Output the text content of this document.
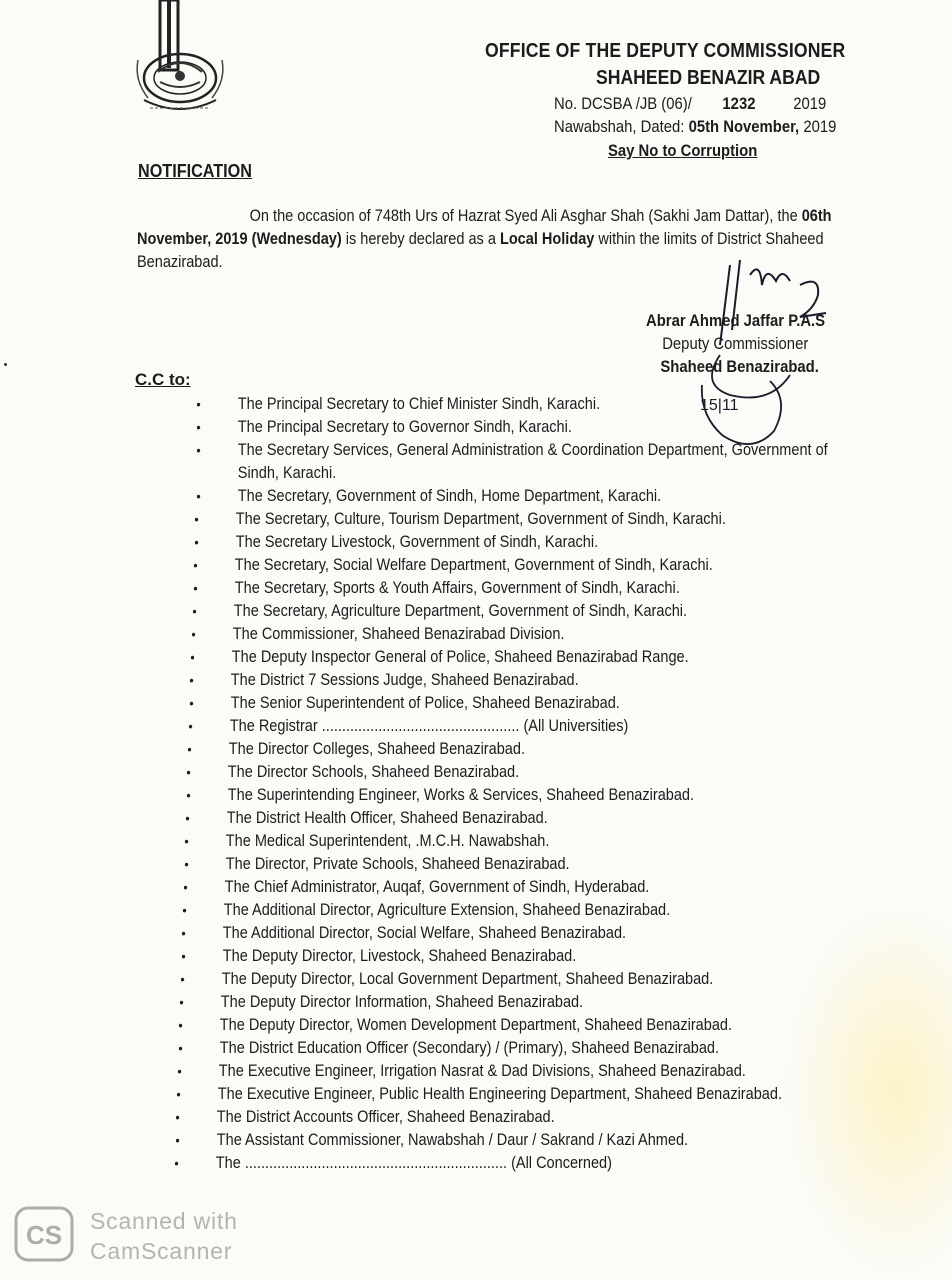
OFFICE OF THE DEPUTY COMMISSIONER
SHAHEED BENAZIR ABAD
No. DCSBA /JB (06)/ 1232 2019
Nawabshah, Dated: 05th November, 2019
Say No to Corruption
NOTIFICATION
On the occasion of 748th Urs of Hazrat Syed Ali Asghar Shah (Sakhi Jam Dattar), the 06th November, 2019 (Wednesday) is hereby declared as a Local Holiday within the limits of District Shaheed Benazirabad.
Abrar Ahmed Jaffar P.A.S
Deputy Commissioner
Shaheed Benazirabad.
15|11
C.C to:
• The Principal Secretary to Chief Minister Sindh, Karachi.
• The Principal Secretary to Governor Sindh, Karachi.
• The Secretary Services, General Administration & Coordination Department, Government of Sindh, Karachi.
• The Secretary, Government of Sindh, Home Department, Karachi.
• The Secretary, Culture, Tourism Department, Government of Sindh, Karachi.
• The Secretary Livestock, Government of Sindh, Karachi.
• The Secretary, Social Welfare Department, Government of Sindh, Karachi.
• The Secretary, Sports & Youth Affairs, Government of Sindh, Karachi.
• The Secretary, Agriculture Department, Government of Sindh, Karachi.
• The Commissioner, Shaheed Benazirabad Division.
• The Deputy Inspector General of Police, Shaheed Benazirabad Range.
• The District 7 Sessions Judge, Shaheed Benazirabad.
• The Senior Superintendent of Police, Shaheed Benazirabad.
• The Registrar ................................................. (All Universities)
• The Director Colleges, Shaheed Benazirabad.
• The Director Schools, Shaheed Benazirabad.
• The Superintending Engineer, Works & Services, Shaheed Benazirabad.
• The District Health Officer, Shaheed Benazirabad.
• The Medical Superintendent, .M.C.H. Nawabshah.
• The Director, Private Schools, Shaheed Benazirabad.
• The Chief Administrator, Auqaf, Government of Sindh, Hyderabad.
• The Additional Director, Agriculture Extension, Shaheed Benazirabad.
• The Additional Director, Social Welfare, Shaheed Benazirabad.
• The Deputy Director, Livestock, Shaheed Benazirabad.
• The Deputy Director, Local Government Department, Shaheed Benazirabad.
• The Deputy Director Information, Shaheed Benazirabad.
• The Deputy Director, Women Development Department, Shaheed Benazirabad.
• The District Education Officer (Secondary) / (Primary), Shaheed Benazirabad.
• The Executive Engineer, Irrigation Nasrat & Dad Divisions, Shaheed Benazirabad.
• The Executive Engineer, Public Health Engineering Department, Shaheed Benazirabad.
• The District Accounts Officer, Shaheed Benazirabad.
• The Assistant Commissioner, Nawabshah / Daur / Sakrand / Kazi Ahmed.
• The ................................................................. (All Concerned)
CS Scanned with
CamScanner
